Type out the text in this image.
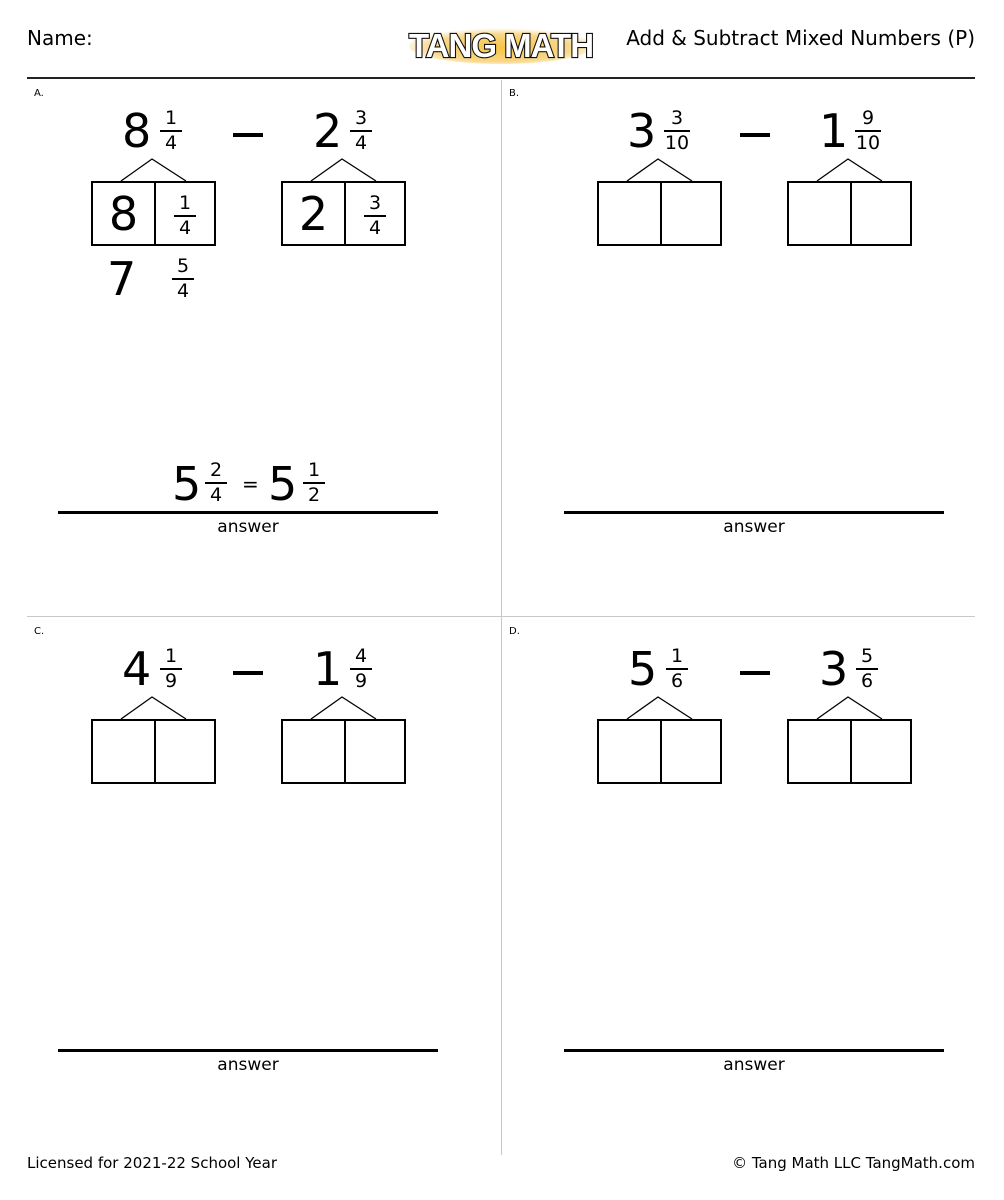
Name:	TANG MATH Add & Subtract Mixed Numbers (P)
A.
8 1
4	2 3
4
8	1
4	2	3
4
7	5
4
5 2
4 = 5 1
2
answer
B.
3 3
10	1 9
10
answer
C.
4 1
9	1 4
9
answer
D.
5 1
6	3 5
6
answer
Licensed for 2021-22 School Year	© Tang Math LLC TangMath.com
